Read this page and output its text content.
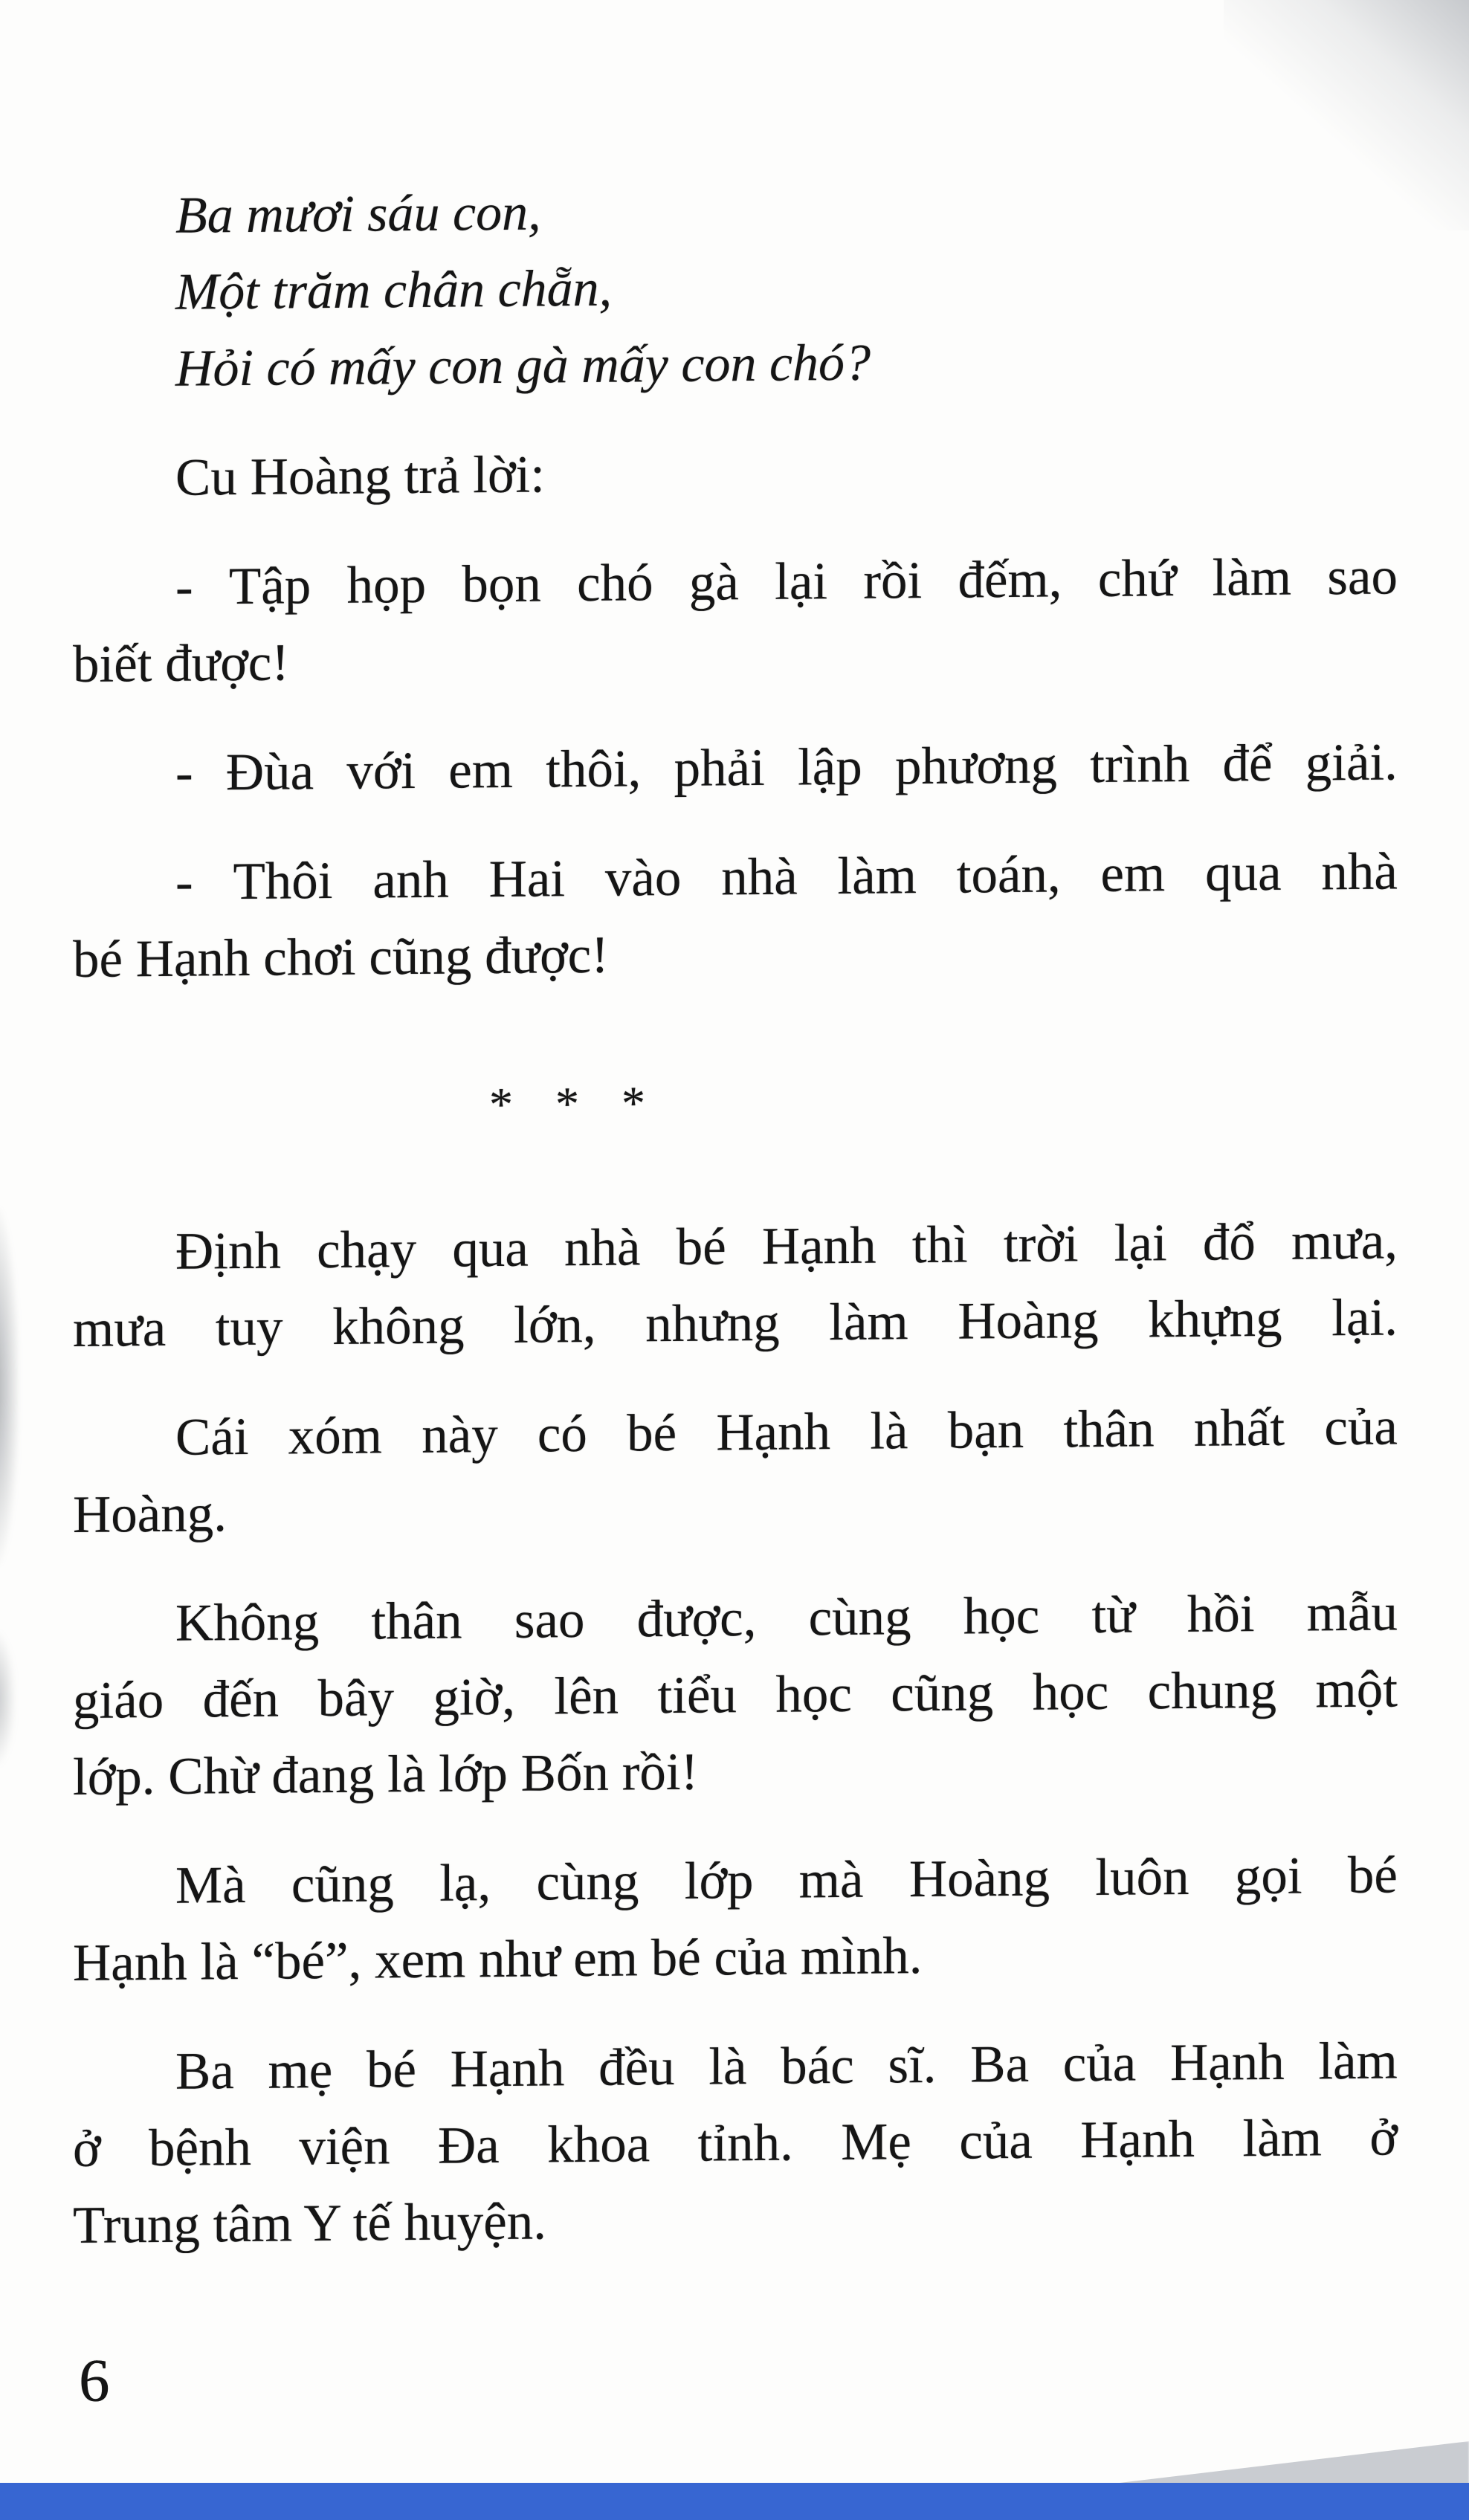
Ba mươi sáu con,
Một trăm chân chẵn,
Hỏi có mấy con gà mấy con chó?
Cu Hoàng trả lời:
- Tập họp bọn chó gà lại rồi đếm, chứ làm sao
biết được!
- Đùa với em thôi, phải lập phương trình để giải.
- Thôi anh Hai vào nhà làm toán, em qua nhà
bé Hạnh chơi cũng được!
* * *
Định chạy qua nhà bé Hạnh thì trời lại đổ mưa,
mưa tuy không lớn, nhưng làm Hoàng khựng lại.
Cái xóm này có bé Hạnh là bạn thân nhất của
Hoàng.
Không thân sao được, cùng học từ hồi mẫu
giáo đến bây giờ, lên tiểu học cũng học chung một
lớp. Chừ đang là lớp Bốn rồi!
Mà cũng lạ, cùng lớp mà Hoàng luôn gọi bé
Hạnh là “bé”, xem như em bé của mình.
Ba mẹ bé Hạnh đều là bác sĩ. Ba của Hạnh làm
ở bệnh viện Đa khoa tỉnh. Mẹ của Hạnh làm ở
Trung tâm Y tế huyện.
6
